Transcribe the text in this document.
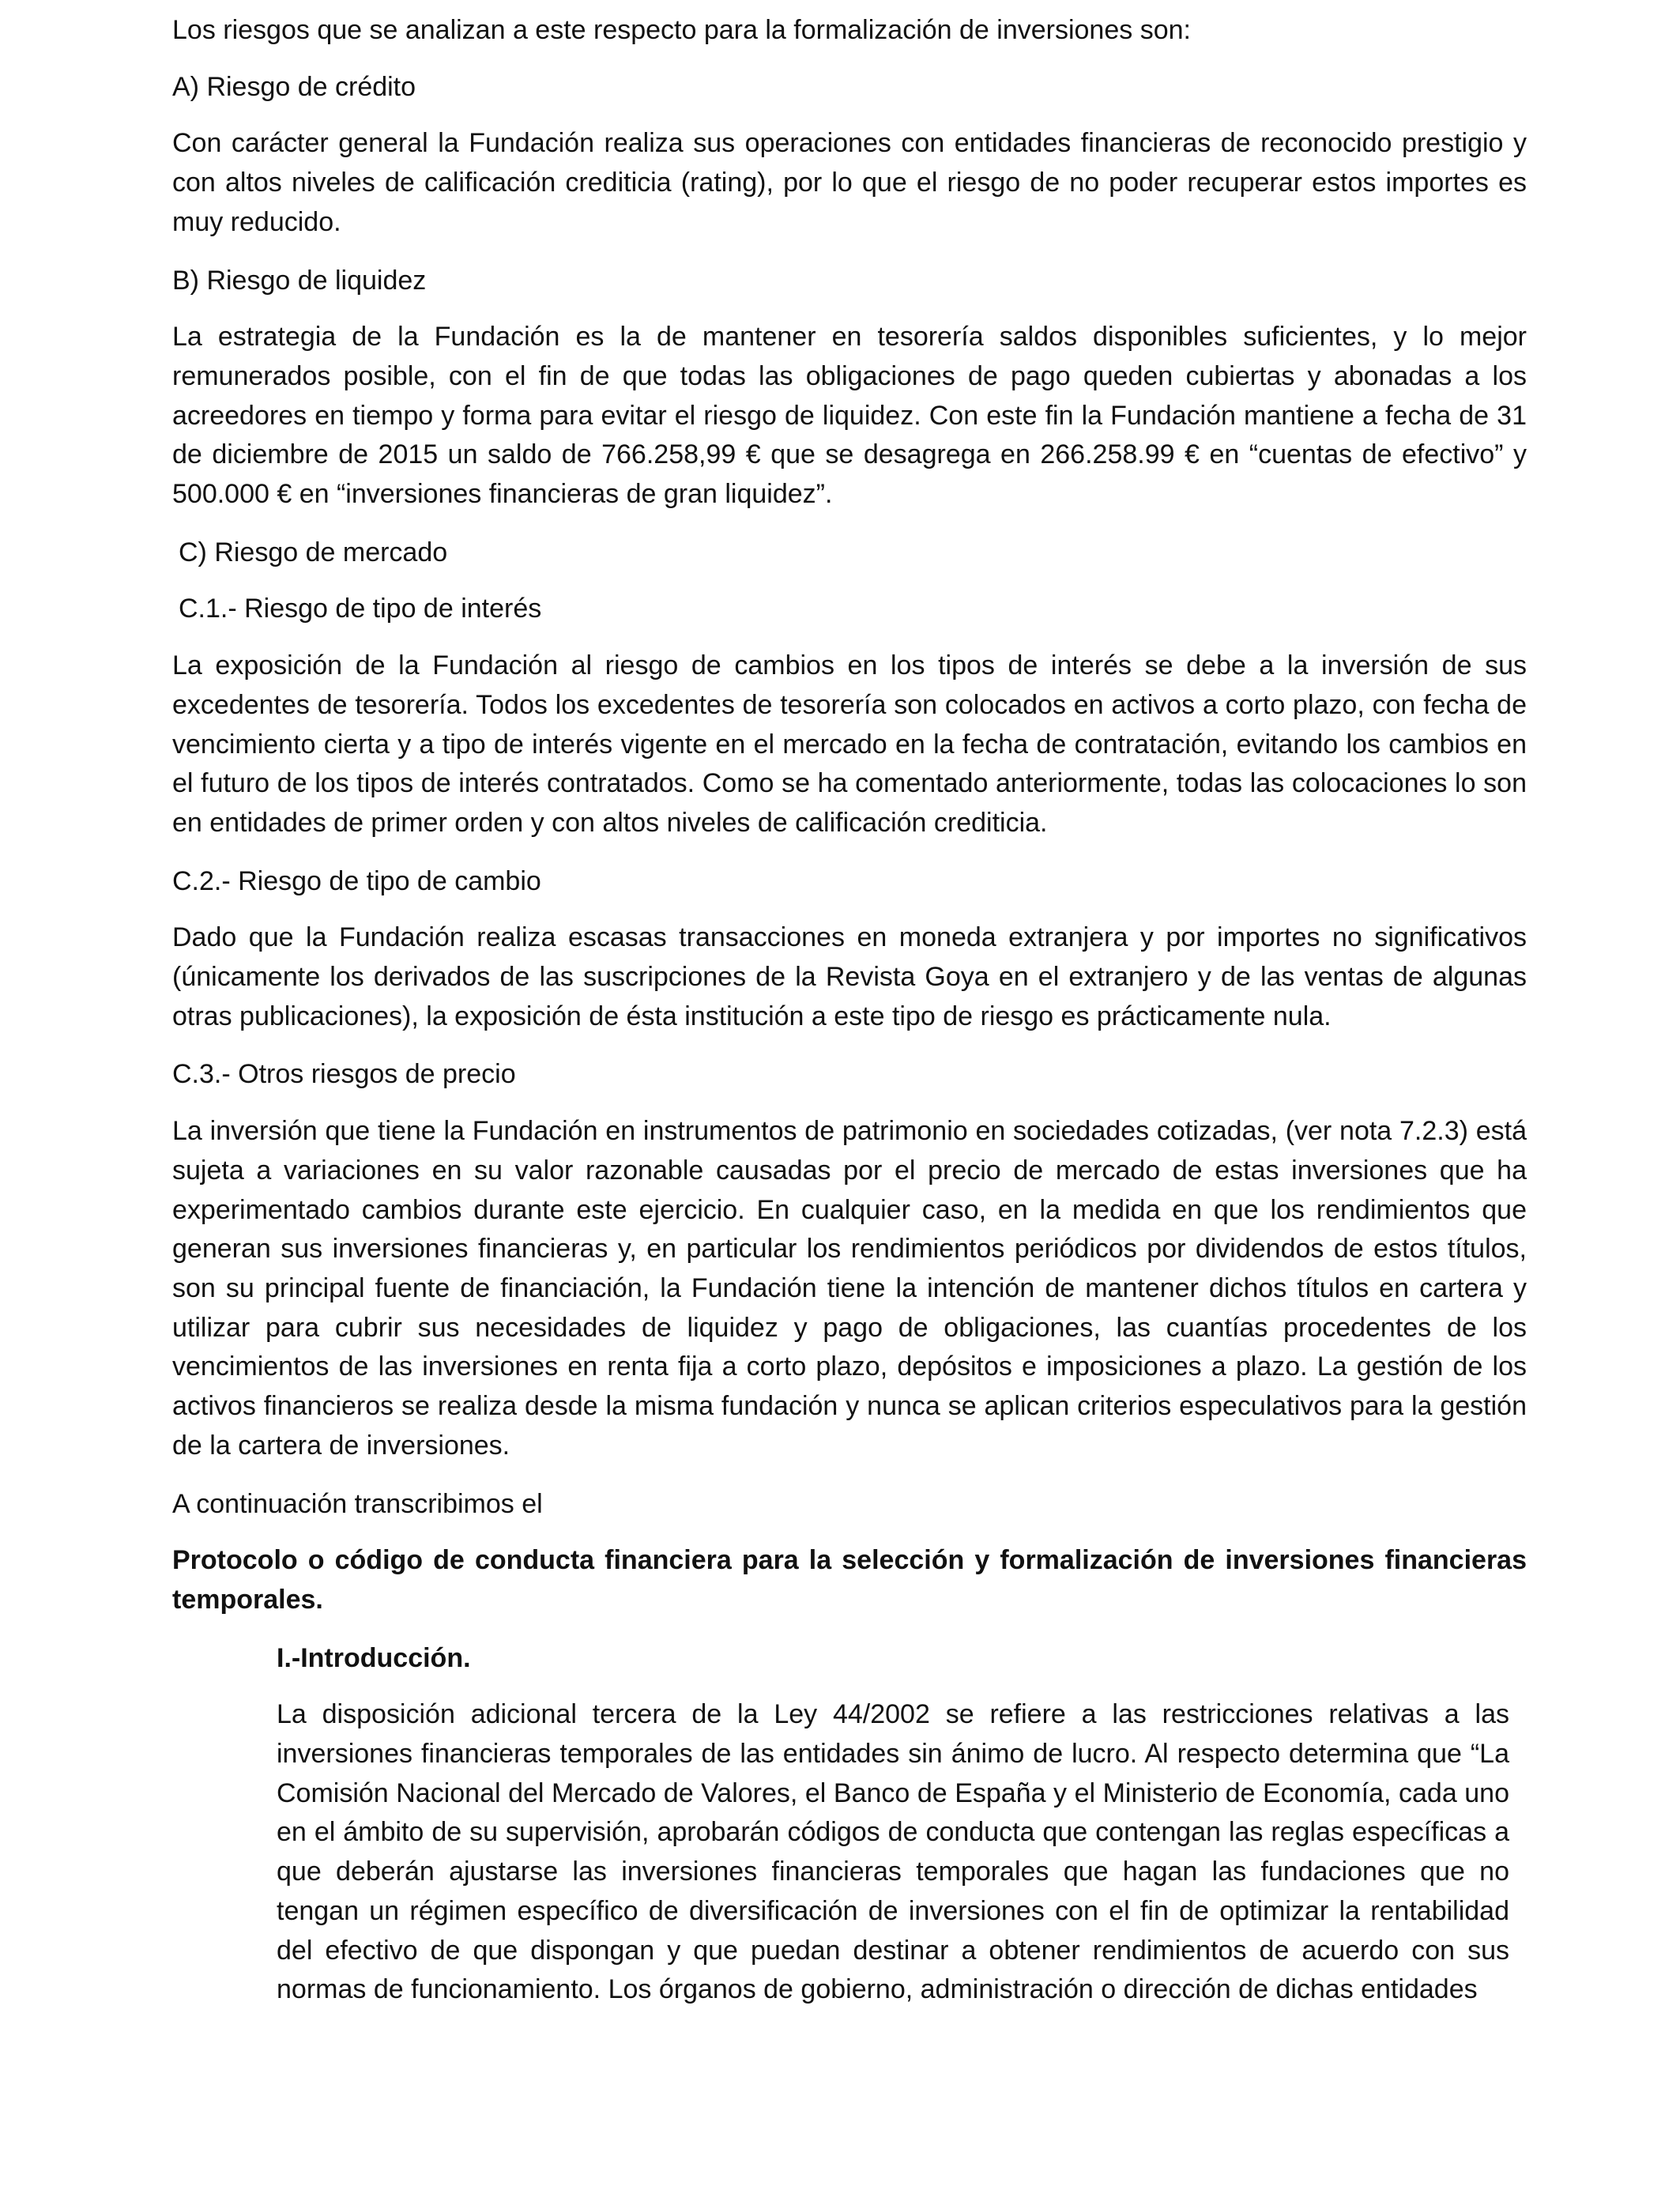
Los riesgos que se analizan a este respecto para la formalización de inversiones son:

A) Riesgo de crédito

Con carácter general la Fundación realiza sus operaciones con entidades financieras de reconocido prestigio y con altos niveles de calificación crediticia (rating), por lo que el riesgo de no poder recuperar estos importes es muy reducido.

B) Riesgo de liquidez

La estrategia de la Fundación es la de mantener en tesorería saldos disponibles suficientes, y lo mejor remunerados posible, con el fin de que todas las obligaciones de pago queden cubiertas y abonadas a los acreedores en tiempo y forma para evitar el riesgo de liquidez. Con este fin la Fundación mantiene a fecha de 31 de diciembre de 2015 un saldo de 766.258,99 € que se desagrega en 266.258.99 € en “cuentas de efectivo” y 500.000 € en “inversiones financieras de gran liquidez”.

C) Riesgo de mercado

C.1.- Riesgo de tipo de interés

La exposición de la Fundación al riesgo de cambios en los tipos de interés se debe a la inversión de sus excedentes de tesorería. Todos los excedentes de tesorería son colocados en activos a corto plazo, con fecha de vencimiento cierta y a tipo de interés vigente en el mercado en la fecha de contratación, evitando los cambios en el futuro de los tipos de interés contratados. Como se ha comentado anteriormente, todas las colocaciones lo son en entidades de primer orden y con altos niveles de calificación crediticia.

C.2.- Riesgo de tipo de cambio

Dado que la Fundación realiza escasas transacciones en moneda extranjera y por importes no significativos (únicamente los derivados de las suscripciones de la Revista Goya en el extranjero y de las ventas de algunas otras publicaciones), la exposición de ésta institución a este tipo de riesgo es prácticamente nula.

C.3.- Otros riesgos de precio

La inversión que tiene la Fundación en instrumentos de patrimonio en sociedades cotizadas, (ver nota 7.2.3) está sujeta a variaciones en su valor razonable causadas por el precio de mercado de estas inversiones que ha experimentado cambios durante este ejercicio. En cualquier caso, en la medida en que los rendimientos que generan sus inversiones financieras y, en particular los rendimientos periódicos por dividendos de estos títulos, son su principal fuente de financiación, la Fundación tiene la intención de mantener dichos títulos en cartera y utilizar para cubrir sus necesidades de liquidez y pago de obligaciones, las cuantías procedentes de los vencimientos de las inversiones en renta fija a corto plazo, depósitos e imposiciones a plazo. La gestión de los activos financieros se realiza desde la misma fundación y nunca se aplican criterios especulativos para la gestión de la cartera de inversiones.

A continuación transcribimos el

Protocolo o código de conducta financiera para la selección y formalización de inversiones financieras temporales.

I.-Introducción.

La disposición adicional tercera de la Ley 44/2002 se refiere a las restricciones relativas a las inversiones financieras temporales de las entidades sin ánimo de lucro. Al respecto determina que “La Comisión Nacional del Mercado de Valores, el Banco de España y el Ministerio de Economía, cada uno en el ámbito de su supervisión, aprobarán códigos de conducta que contengan las reglas específicas a que deberán ajustarse las inversiones financieras temporales que hagan las fundaciones que no tengan un régimen específico de diversificación de inversiones con el fin de optimizar la rentabilidad del efectivo de que dispongan y que puedan destinar a obtener rendimientos de acuerdo con sus normas de funcionamiento. Los órganos de gobierno, administración o dirección de dichas entidades
